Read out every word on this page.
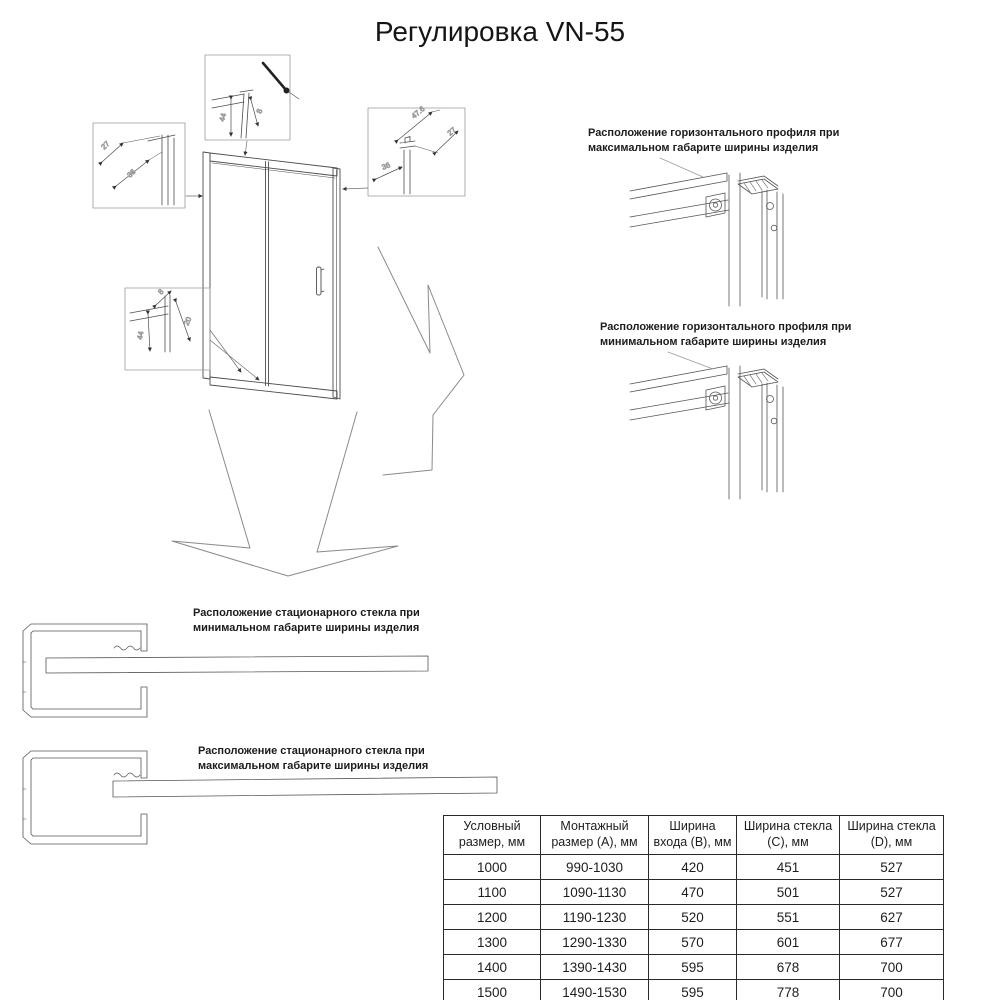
44
8
27
36
47.6
27
36
8
20
44
Регулировка VN-55
Расположение горизонтального профиля при
максимальном габарите ширины изделия
Расположение горизонтального профиля при
минимальном габарите ширины изделия
Расположение стационарного стекла при
минимальном габарите ширины изделия
Расположение стационарного стекла при
максимальном габарите ширины изделия
Условный размер, мм	Монтажный размер (A), мм	Ширина входа (B), мм	Ширина стекла (C), мм	Ширина стекла (D), мм
1000	990-1030	420	451	527
1100	1090-1130	470	501	527
1200	1190-1230	520	551	627
1300	1290-1330	570	601	677
1400	1390-1430	595	678	700
1500	1490-1530	595	778	700
